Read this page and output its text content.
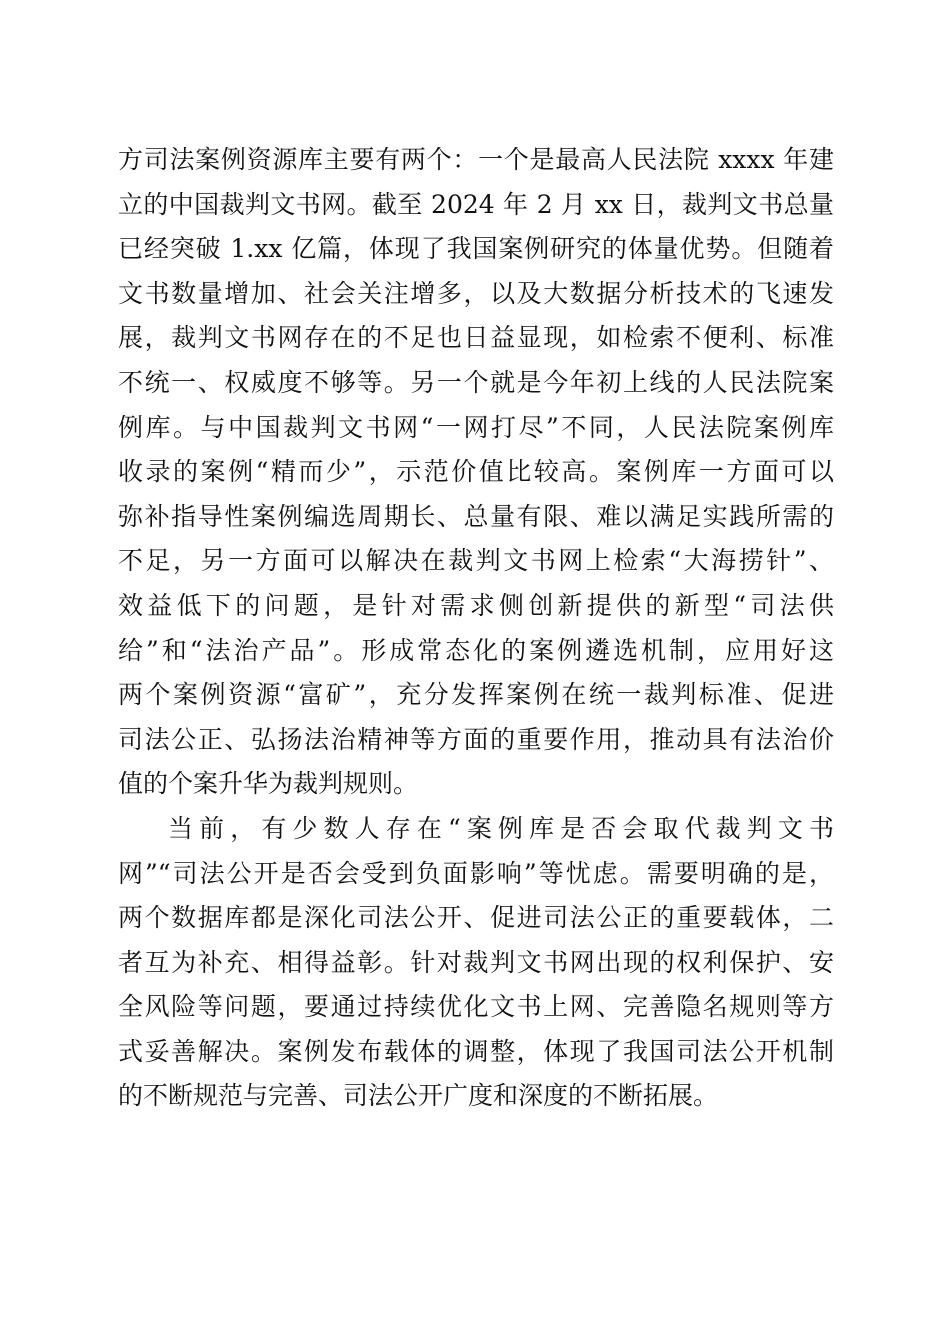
方司法案例资源库主要有两个：一个是最高人民法院 xxxx 年建
立的中国裁判文书网。截至 2024 年 2 月 xx 日，裁判文书总量
已经突破 1.xx 亿篇，体现了我国案例研究的体量优势。但随着
文书数量增加、社会关注增多，以及大数据分析技术的飞速发
展，裁判文书网存在的不足也日益显现，如检索不便利、标准
不统一、权威度不够等。另一个就是今年初上线的人民法院案
例库。与中国裁判文书网“一网打尽”不同，人民法院案例库
收录的案例“精而少”，示范价值比较高。案例库一方面可以
弥补指导性案例编选周期长、总量有限、难以满足实践所需的
不足，另一方面可以解决在裁判文书网上检索“大海捞针”、
效益低下的问题，是针对需求侧创新提供的新型“司法供
给”和“法治产品”。形成常态化的案例遴选机制，应用好这
两个案例资源“富矿”，充分发挥案例在统一裁判标准、促进
司法公正、弘扬法治精神等方面的重要作用，推动具有法治价
值的个案升华为裁判规则。
当前，有少数人存在“案例库是否会取代裁判文书
网”“司法公开是否会受到负面影响”等忧虑。需要明确的是，
两个数据库都是深化司法公开、促进司法公正的重要载体，二
者互为补充、相得益彰。针对裁判文书网出现的权利保护、安
全风险等问题，要通过持续优化文书上网、完善隐名规则等方
式妥善解决。案例发布载体的调整，体现了我国司法公开机制
的不断规范与完善、司法公开广度和深度的不断拓展。
